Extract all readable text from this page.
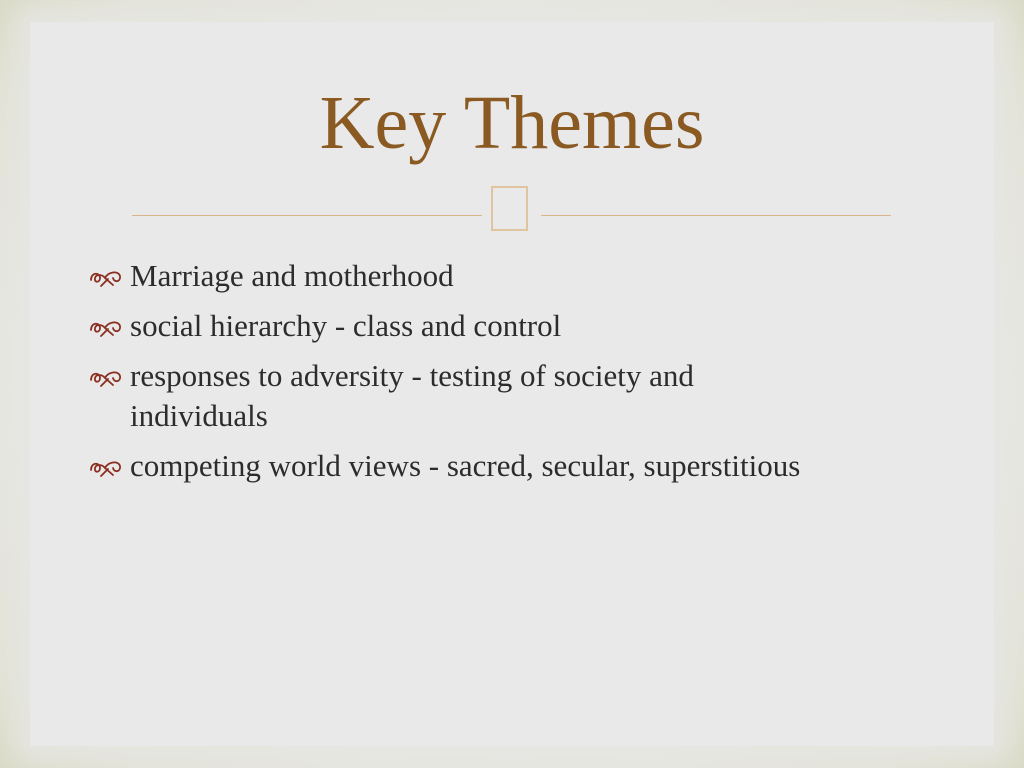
Key Themes
Marriage and motherhood
social hierarchy - class and control
responses to adversity - testing of society and individuals
competing world views - sacred, secular, superstitious
